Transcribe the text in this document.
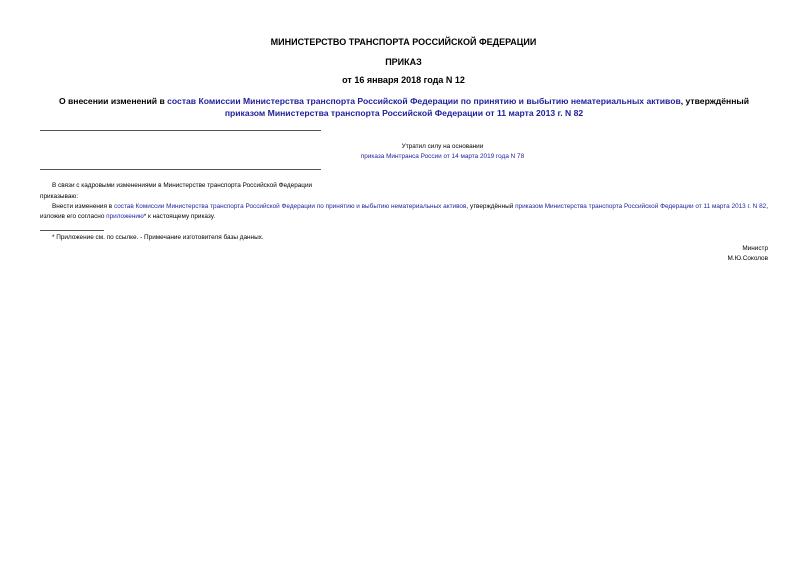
МИНИСТЕРСТВО ТРАНСПОРТА РОССИЙСКОЙ ФЕДЕРАЦИИ
ПРИКАЗ
от 16 января 2018 года N 12
О внесении изменений в состав Комиссии Министерства транспорта Российской Федерации по принятию и выбытию нематериальных активов, утверждённый приказом Министерства транспорта Российской Федерации от 11 марта 2013 г. N 82
Утратил силу на основании
приказа Минтранса России от 14 марта 2019 года N 78
В связи с кадровыми изменениями в Министерстве транспорта Российской Федерации
приказываю:
Внести изменения в состав Комиссии Министерства транспорта Российской Федерации по принятию и выбытию нематериальных активов, утверждённый приказом Министерства транспорта Российской Федерации от 11 марта 2013 г. N 82, изложив его согласно приложению* к настоящему приказу.
* Приложение см. по ссылке. - Примечание изготовителя базы данных.
Министр
М.Ю.Соколов
